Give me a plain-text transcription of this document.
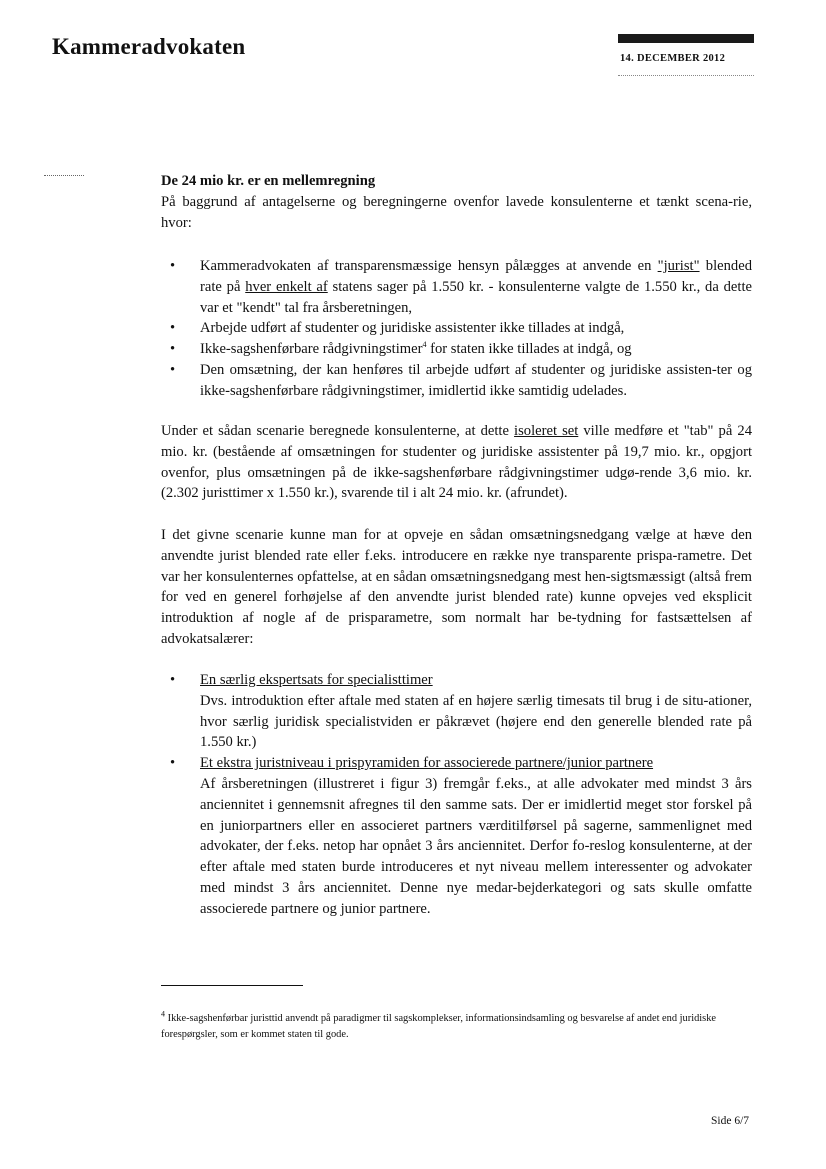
Kammeradvokaten	14. DECEMBER 2012

De 24 mio kr. er en mellemregning

På baggrund af antagelserne og beregningerne ovenfor lavede konsulenterne et tænkt scena-rie, hvor:

• Kammeradvokaten af transparensmæssige hensyn pålægges at anvende en "jurist" blended rate på hver enkelt af statens sager på 1.550 kr. - konsulenterne valgte de 1.550 kr., da dette var et "kendt" tal fra årsberetningen,
• Arbejde udført af studenter og juridiske assistenter ikke tillades at indgå,
• Ikke-sagshenførbare rådgivningstimer$^4$ for staten ikke tillades at indgå, og
• Den omsætning, der kan henføres til arbejde udført af studenter og juridiske assisten-ter og ikke-sagshenførbare rådgivningstimer, imidlertid ikke samtidig udelades.

Under et sådan scenarie beregnede konsulenterne, at dette isoleret set ville medføre et "tab" på 24 mio. kr. (bestående af omsætningen for studenter og juridiske assistenter på 19,7 mio. kr., opgjort ovenfor, plus omsætningen på de ikke-sagshenførbare rådgivningstimer udgø-rende 3,6 mio. kr. (2.302 juristtimer x 1.550 kr.), svarende til i alt 24 mio. kr. (afrundet).

I det givne scenarie kunne man for at opveje en sådan omsætningsnedgang vælge at hæve den anvendte jurist blended rate eller f.eks. introducere en række nye transparente prispa-rametre. Det var her konsulenternes opfattelse, at en sådan omsætningsnedgang mest hen-sigtsmæssigt (altså frem for ved en generel forhøjelse af den anvendte jurist blended rate) kunne opvejes ved eksplicit introduktion af nogle af de prisparametre, som normalt har be-tydning for fastsættelsen af advokatsalærer:

• En særlig ekspertsats for specialisttimer
Dvs. introduktion efter aftale med staten af en højere særlig timesats til brug i de situ-ationer, hvor særlig juridisk specialistviden er påkrævet (højere end den generelle blended rate på 1.550 kr.)
• Et ekstra juristniveau i prispyramiden for associerede partnere/junior partnere
Af årsberetningen (illustreret i figur 3) fremgår f.eks., at alle advokater med mindst 3 års anciennitet i gennemsnit afregnes til den samme sats. Der er imidlertid meget stor forskel på en juniorpartners eller en associeret partners værditilførsel på sagerne, sammenlignet med advokater, der f.eks. netop har opnået 3 års anciennitet. Derfor fo-reslog konsulenterne, at der efter aftale med staten burde introduceres et nyt niveau mellem interessenter og advokater med mindst 3 års anciennitet. Denne nye medar-bejderkategori og sats skulle omfatte associerede partnere og junior partnere.
$^4$ Ikke-sagshenførbar juristtid anvendt på paradigmer til sagskomplekser, informationsindsamling og besvarelse af andet end juridiske forespørgsler, som er kommet staten til gode.
Side 6/7
